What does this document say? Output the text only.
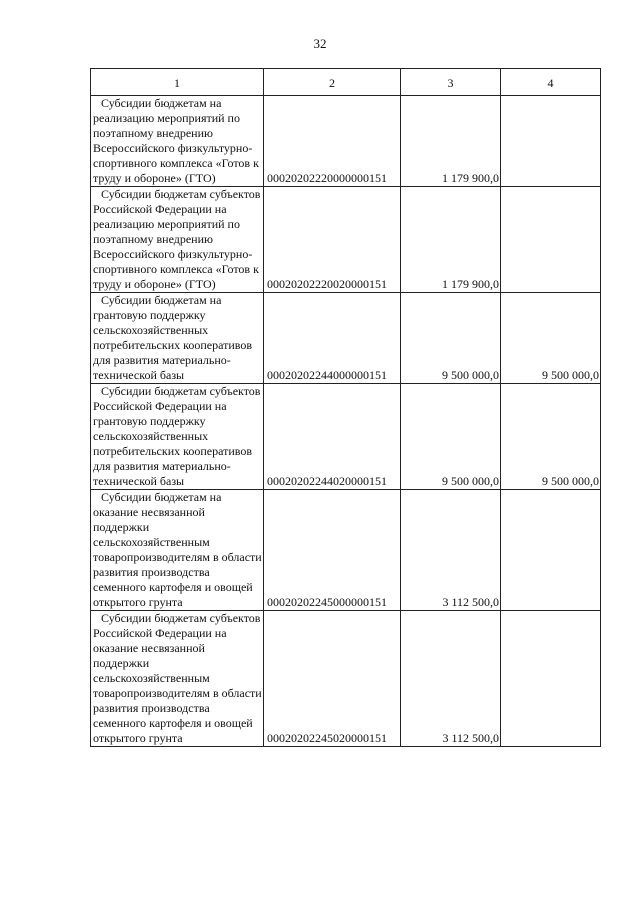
32
1	2	3	4
Субсидии бюджетам на реализацию мероприятий по поэтапному внедрению Всероссийского физкультурно-спортивного комплекса «Готов к труду и обороне» (ГТО)	00020202220000000151	1 179 900,0	
Субсидии бюджетам субъектов Российской Федерации на реализацию мероприятий по поэтапному внедрению Всероссийского физкультурно-спортивного комплекса «Готов к труду и обороне» (ГТО)	00020202220020000151	1 179 900,0	
Субсидии бюджетам на грантовую поддержку сельскохозяйственных потребительских кооперативов для развития материально-технической базы	00020202244000000151	9 500 000,0	9 500 000,0
Субсидии бюджетам субъектов Российской Федерации на грантовую поддержку сельскохозяйственных потребительских кооперативов для развития материально-технической базы	00020202244020000151	9 500 000,0	9 500 000,0
Субсидии бюджетам на оказание несвязанной поддержки сельскохозяйственным товаропроизводителям в области развития производства семенного картофеля и овощей открытого грунта	00020202245000000151	3 112 500,0	
Субсидии бюджетам субъектов Российской Федерации на оказание несвязанной поддержки сельскохозяйственным товаропроизводителям в области развития производства семенного картофеля и овощей открытого грунта	00020202245020000151	3 112 500,0	
